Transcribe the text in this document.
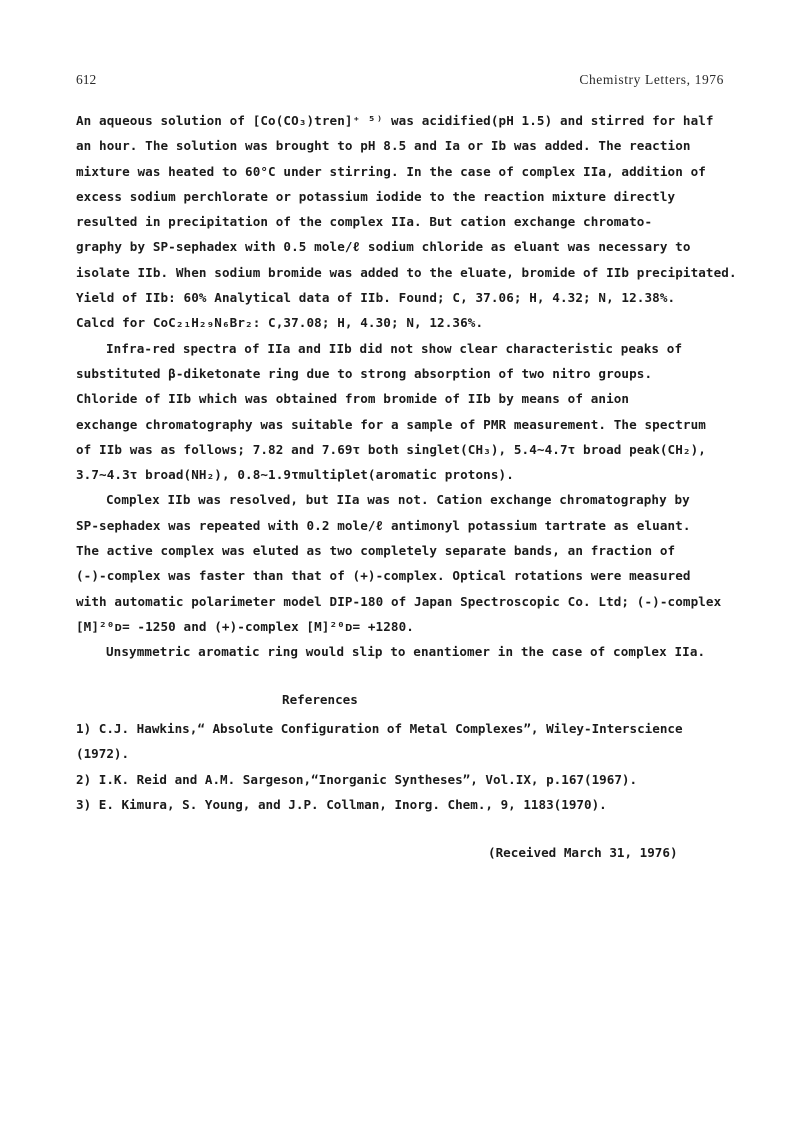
612	Chemistry Letters, 1976
An aqueous solution of [Co(CO₃)tren]⁺ ⁵⁾ was acidified(pH 1.5) and stirred for half
an hour. The solution was brought to pH 8.5 and Ia or Ib was added. The reaction
mixture was heated to 60°C under stirring. In the case of complex IIa, addition of
excess sodium perchlorate or potassium iodide to the reaction mixture directly
resulted in precipitation of the complex IIa. But cation exchange chromato-
graphy by SP-sephadex with 0.5 mole/ℓ sodium chloride as eluant was necessary to
isolate IIb. When sodium bromide was added to the eluate, bromide of IIb precipitated.
Yield of IIb: 60% Analytical data of IIb. Found; C, 37.06; H, 4.32; N, 12.38%.
Calcd for CoC₂₁H₂₉N₆Br₂: C,37.08; H, 4.30; N, 12.36%.
Infra-red spectra of IIa and IIb did not show clear characteristic peaks of
substituted β-diketonate ring due to strong absorption of two nitro groups.
Chloride of IIb which was obtained from bromide of IIb by means of anion
exchange chromatography was suitable for a sample of PMR measurement. The spectrum
of IIb was as follows; 7.82 and 7.69τ both singlet(CH₃), 5.4∼4.7τ broad peak(CH₂),
3.7∼4.3τ broad(NH₂), 0.8∼1.9τmultiplet(aromatic protons).
Complex IIb was resolved, but IIa was not. Cation exchange chromatography by
SP-sephadex was repeated with 0.2 mole/ℓ antimonyl potassium tartrate as eluant.
The active complex was eluted as two completely separate bands, an fraction of
(-)-complex was faster than that of (+)-complex. Optical rotations were measured
with automatic polarimeter model DIP-180 of Japan Spectroscopic Co. Ltd; (-)-complex
[M]²⁰ᴅ= -1250 and (+)-complex [M]²⁰ᴅ= +1280.
Unsymmetric aromatic ring would slip to enantiomer in the case of complex IIa.
References
1) C.J. Hawkins,“ Absolute Configuration of Metal Complexes”, Wiley-Interscience
(1972).
2) I.K. Reid and A.M. Sargeson,“Inorganic Syntheses”, Vol.IX, p.167(1967).
3) E. Kimura, S. Young, and J.P. Collman, Inorg. Chem., 9, 1183(1970).
(Received March 31, 1976)
